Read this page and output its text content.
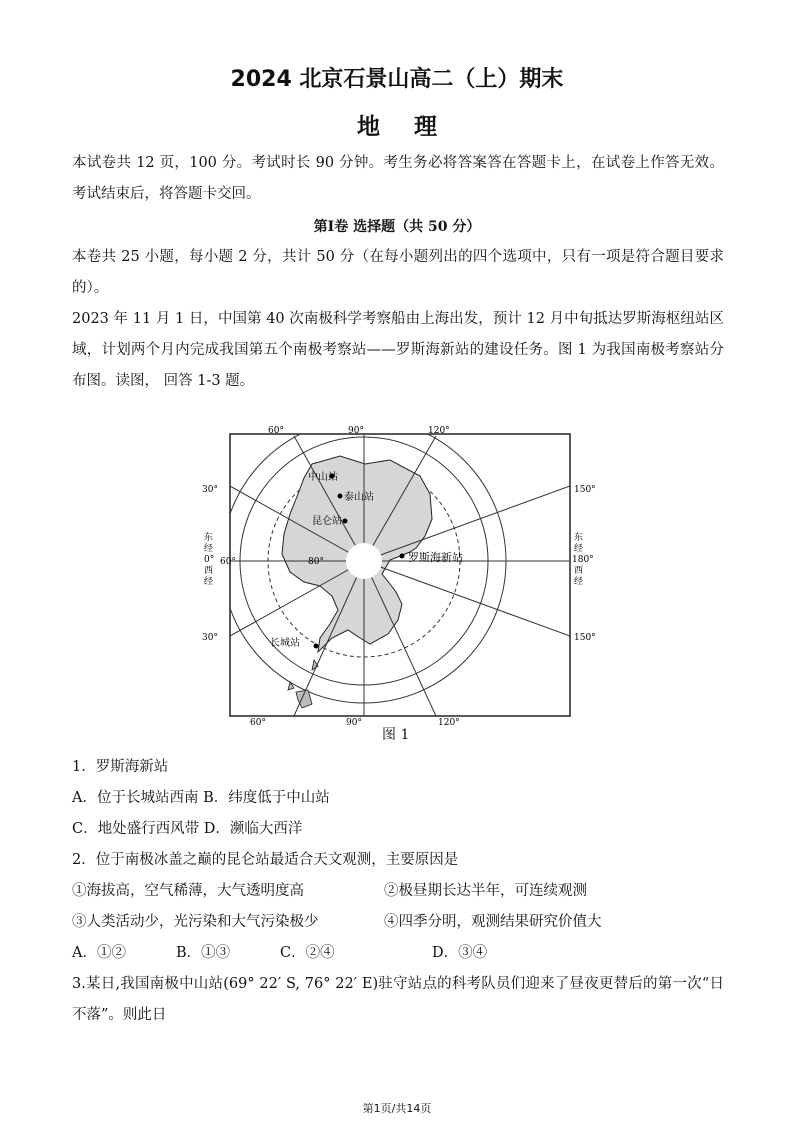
2024 北京石景山高二（上）期末
地理
本试卷共 12 页，100 分。考试时长 90 分钟。考生务必将答案答在答题卡上，在试卷上作答无效。考试结束后，将答题卡交回。
第Ⅰ卷 选择题（共 50 分）
本卷共 25 小题，每小题 2 分，共计 50 分（在每小题列出的四个选项中，只有一项是符合题目要求的）。
2023 年 11 月 1 日，中国第 40 次南极科学考察船由上海出发，预计 12 月中旬抵达罗斯海枢纽站区域，计划两个月内完成我国第五个南极考察站——罗斯海新站的建设任务。图 1 为我国南极考察站分布图。读图， 回答 1-3 题。
60°	90°	120°
60°	90°	120°
30°
30°
150°
150°
东
经
0°
西
经
东
经
180°
西
经
60°	80°
中山站
泰山站
昆仑站
罗斯海新站
长城站
图 1
1．罗斯海新站
A．位于长城站西南 B．纬度低于中山站
C．地处盛行西风带 D．濒临大西洋
2．位于南极冰盖之巅的昆仑站最适合天文观测，主要原因是
①海拔高，空气稀薄，大气透明度高	②极昼期长达半年，可连续观测
③人类活动少，光污染和大气污染极少	④四季分明，观测结果研究价值大
A．①②	B．①③	C．②④	D．③④
3.某日,我国南极中山站(69° 22′ S, 76° 22′ E)驻守站点的科考队员们迎来了昼夜更替后的第一次“日不落”。则此日
第1页/共14页
